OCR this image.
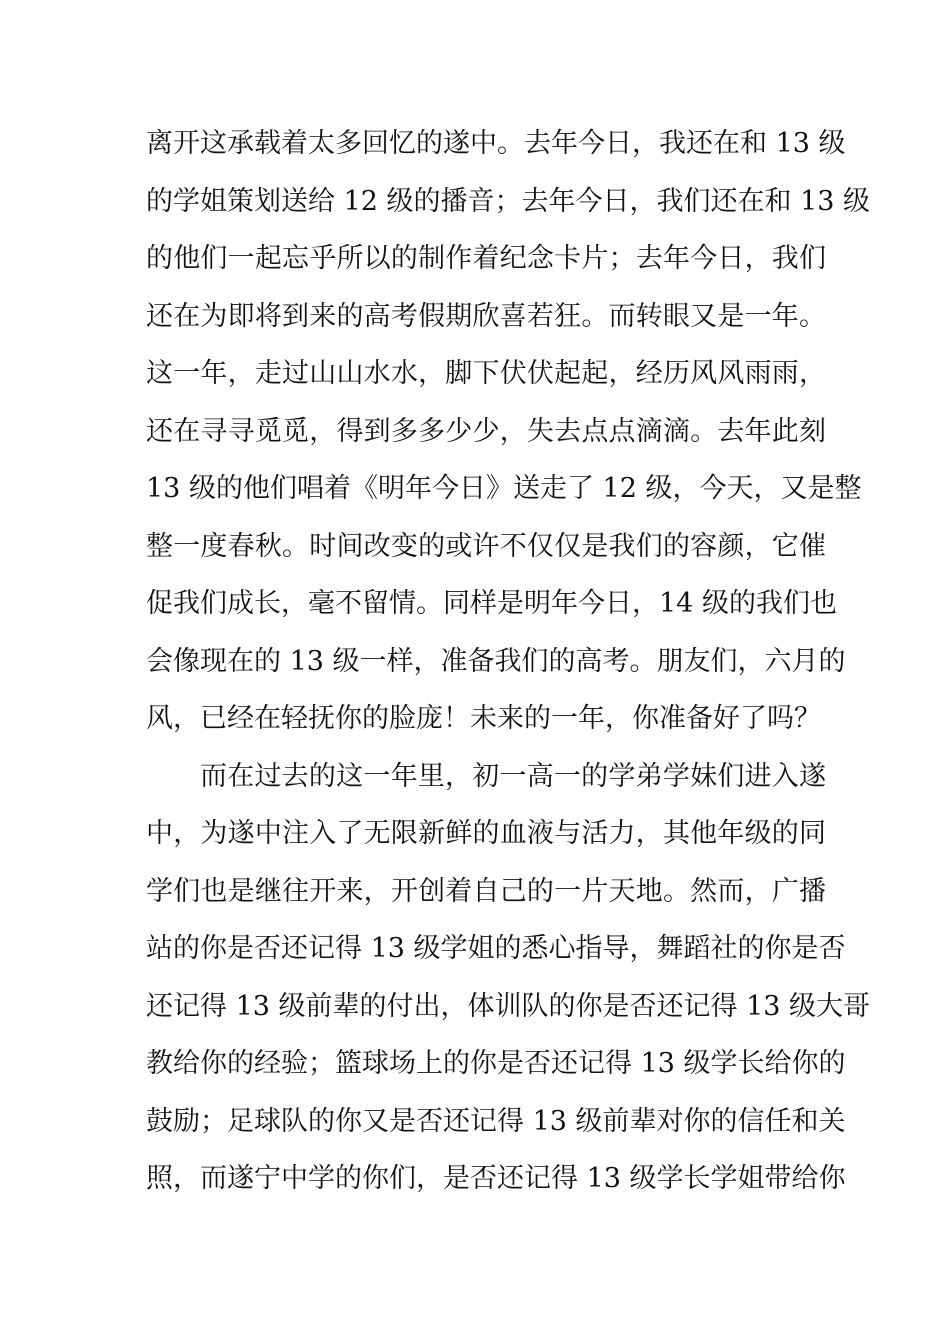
离开这承载着太多回忆的遂中。去年今日，我还在和 13 级
的学姐策划送给 12 级的播音；去年今日，我们还在和 13 级
的他们一起忘乎所以的制作着纪念卡片；去年今日，我们
还在为即将到来的高考假期欣喜若狂。而转眼又是一年。
这一年，走过山山水水，脚下伏伏起起，经历风风雨雨，
还在寻寻觅觅，得到多多少少，失去点点滴滴。去年此刻
13 级的他们唱着《明年今日》送走了 12 级，今天，又是整
整一度春秋。时间改变的或许不仅仅是我们的容颜，它催
促我们成长，毫不留情。同样是明年今日，14 级的我们也
会像现在的 13 级一样，准备我们的高考。朋友们，六月的
风，已经在轻抚你的脸庞！未来的一年，你准备好了吗？
而在过去的这一年里，初一高一的学弟学妹们进入遂
中，为遂中注入了无限新鲜的血液与活力，其他年级的同
学们也是继往开来，开创着自己的一片天地。然而，广播
站的你是否还记得 13 级学姐的悉心指导，舞蹈社的你是否
还记得 13 级前辈的付出，体训队的你是否还记得 13 级大哥
教给你的经验；篮球场上的你是否还记得 13 级学长给你的
鼓励；足球队的你又是否还记得 13 级前辈对你的信任和关
照，而遂宁中学的你们，是否还记得 13 级学长学姐带给你
